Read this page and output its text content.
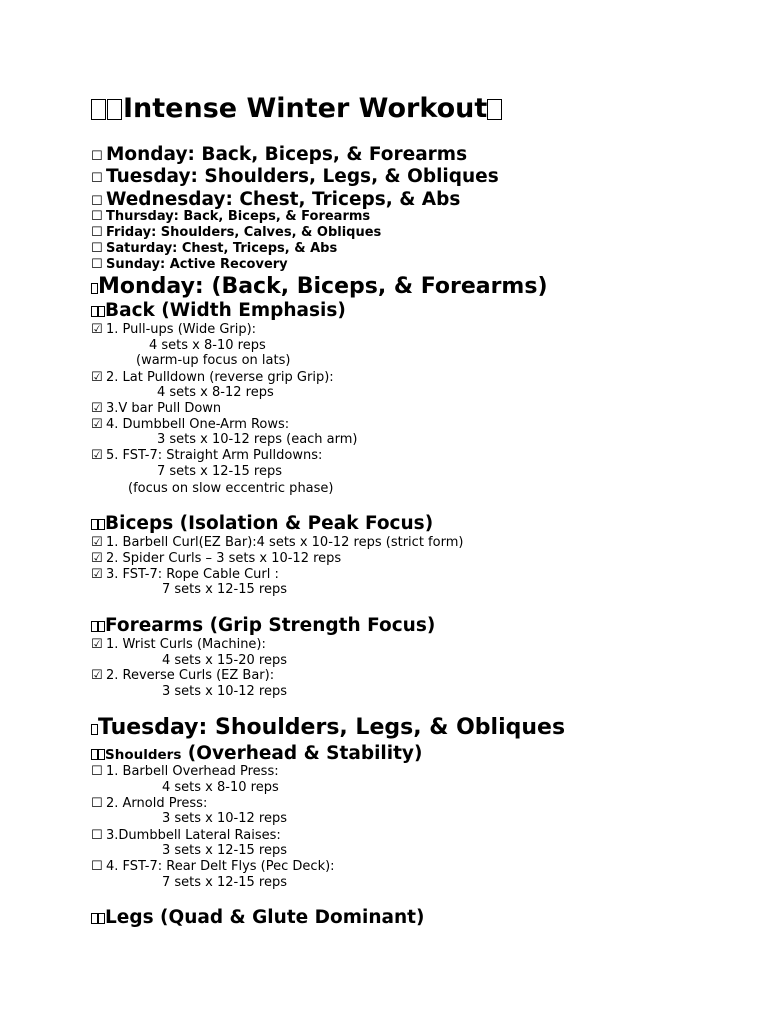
Intense Winter Workout
☐ Monday: Back, Biceps, & Forearms
☐ Tuesday: Shoulders, Legs, & Obliques
☐ Wednesday: Chest, Triceps, & Abs
☐ Thursday: Back, Biceps, & Forearms
☐ Friday: Shoulders, Calves, & Obliques
☐ Saturday: Chest, Triceps, & Abs
☐ Sunday: Active Recovery
Monday: (Back, Biceps, & Forearms)
Back (Width Emphasis)
☑ 1. Pull-ups (Wide Grip):
4 sets x 8-10 reps
(warm-up focus on lats)
☑ 2. Lat Pulldown (reverse grip Grip):
4 sets x 8-12 reps
☑ 3.V bar Pull Down
☑ 4. Dumbbell One-Arm Rows:
3 sets x 10-12 reps (each arm)
☑ 5. FST-7: Straight Arm Pulldowns:
7 sets x 12-15 reps
(focus on slow eccentric phase)
Biceps (Isolation & Peak Focus)
☑ 1. Barbell Curl(EZ Bar):4 sets x 10-12 reps (strict form)
☑ 2. Spider Curls – 3 sets x 10-12 reps
☑ 3. FST-7: Rope Cable Curl :
7 sets x 12-15 reps
Forearms (Grip Strength Focus)
☑ 1. Wrist Curls (Machine):
4 sets x 15-20 reps
☑ 2. Reverse Curls (EZ Bar):
3 sets x 10-12 reps
Tuesday: Shoulders, Legs, & Obliques
Shoulders (Overhead & Stability)
☐ 1. Barbell Overhead Press:
4 sets x 8-10 reps
☐ 2. Arnold Press:
3 sets x 10-12 reps
☐ 3.Dumbbell Lateral Raises:
3 sets x 12-15 reps
☐ 4. FST-7: Rear Delt Flys (Pec Deck):
7 sets x 12-15 reps
Legs (Quad & Glute Dominant)
